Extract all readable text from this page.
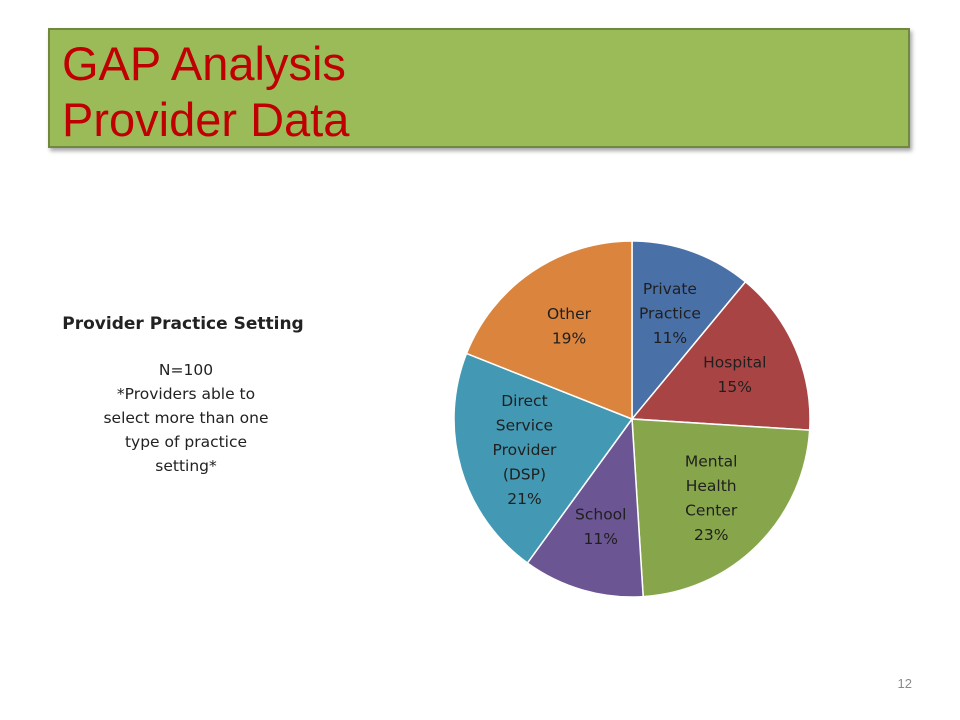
GAP Analysis
Provider Data
Provider Practice Setting
N=100
*Providers able to
select more than one
type of practice
setting*
Private Practice 11%
Hospital 15%
Mental Health Center 23%
School 11%
Direct Service Provider (DSP) 21%
Other 19%
12
